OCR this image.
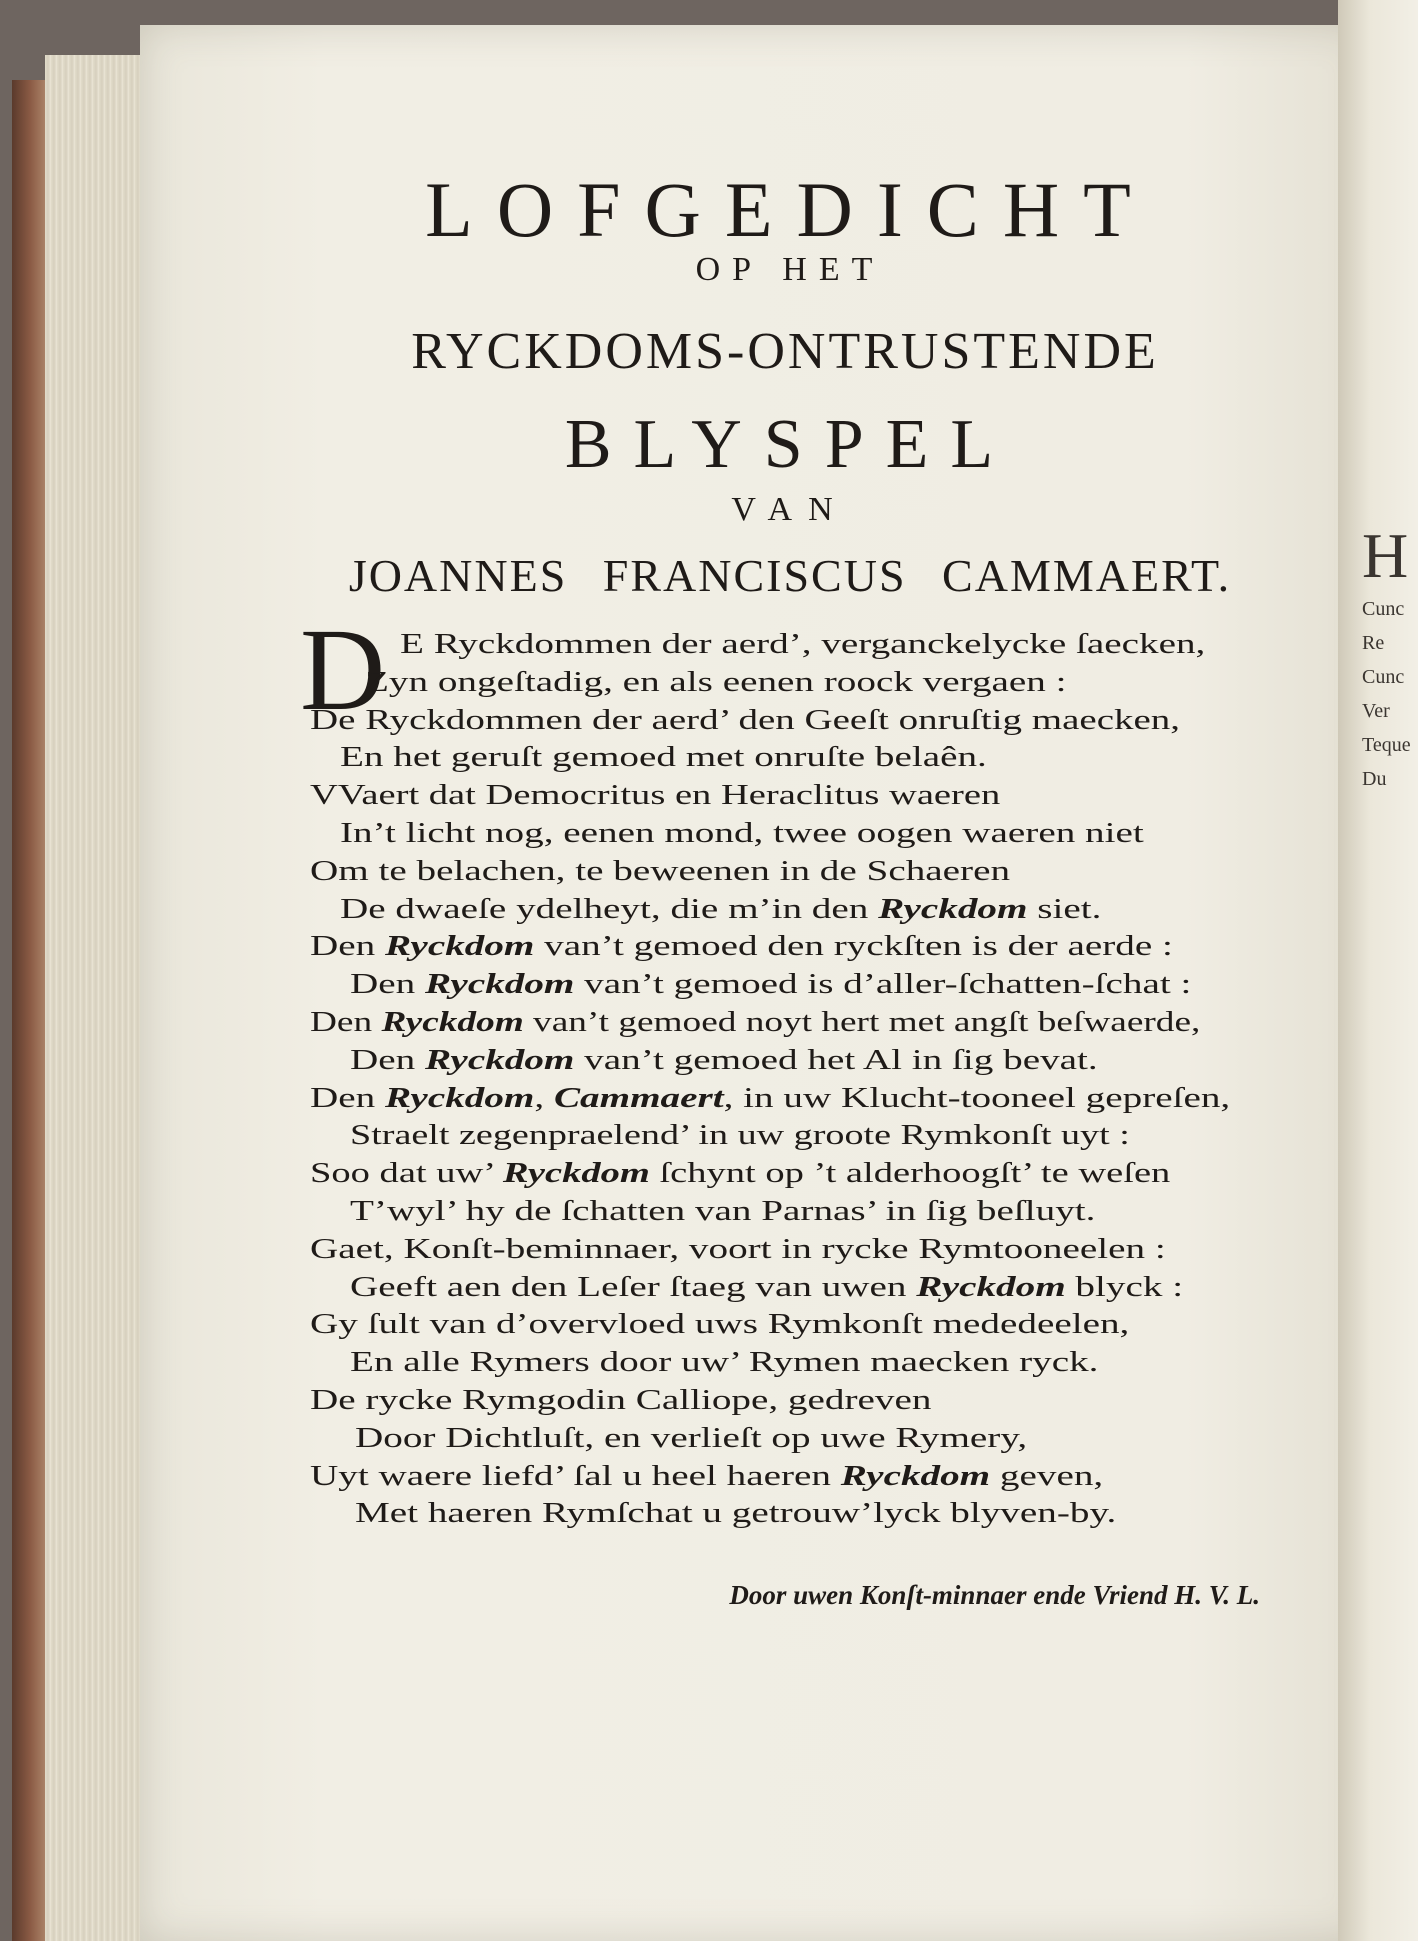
H
Cunc
Re
Cunc
Ver
Teque
Du
LOFGEDICHT
OP HET
RYCKDOMS-ONTRUSTENDE
BLYSPEL
VAN
JOANNES FRANCISCUS CAMMAERT.
D E Ryckdommen der aerd’, verganckelycke ſaecken,
Zyn ongeſtadig, en als eenen roock vergaen :
De Ryckdommen der aerd’ den Geeſt onruſtig maecken,
En het geruſt gemoed met onruſte belaên.
VVaert dat Democritus en Heraclitus waeren
In’t licht nog, eenen mond, twee oogen waeren niet
Om te belachen, te beweenen in de Schaeren
De dwaeſe ydelheyt, die m’in den Ryckdom siet.
Den Ryckdom van’t gemoed den ryckſten is der aerde :
Den Ryckdom van’t gemoed is d’aller-ſchatten-ſchat :
Den Ryckdom van’t gemoed noyt hert met angſt beſwaerde,
Den Ryckdom van’t gemoed het Al in ſig bevat.
Den Ryckdom, Cammaert, in uw Klucht-tooneel gepreſen,
Straelt zegenpraelend’ in uw groote Rymkonſt uyt :
Soo dat uw’ Ryckdom ſchynt op ’t alderhoogſt’ te weſen
T’wyl’ hy de ſchatten van Parnas’ in ſig beſluyt.
Gaet, Konſt-beminnaer, voort in rycke Rymtooneelen :
Geeft aen den Leſer ſtaeg van uwen Ryckdom blyck :
Gy ſult van d’overvloed uws Rymkonſt mededeelen,
En alle Rymers door uw’ Rymen maecken ryck.
De rycke Rymgodin Calliope, gedreven
Door Dichtluſt, en verlieſt op uwe Rymery,
Uyt waere liefd’ ſal u heel haeren Ryckdom geven,
Met haeren Rymſchat u getrouw’lyck blyven-by.
Door uwen Konſt-minnaer ende Vriend H. V. L.
